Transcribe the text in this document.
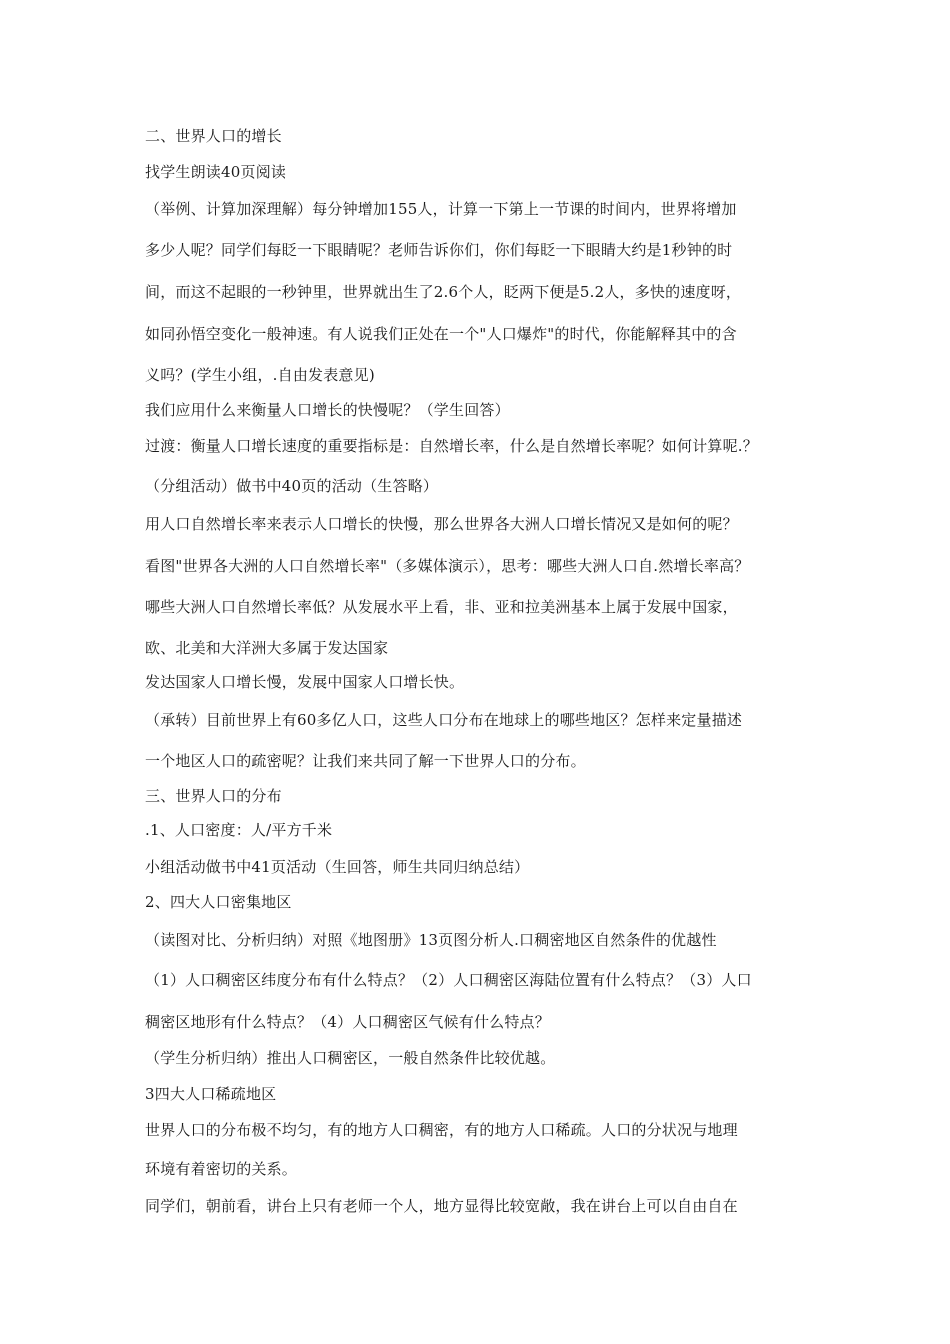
二、世界人口的增长
找学生朗读40页阅读
（举例、计算加深理解）每分钟增加155人，计算一下第上一节课的时间内，世界将增加
多少人呢？同学们每眨一下眼睛呢？老师告诉你们，你们每眨一下眼睛大约是1秒钟的时
间，而这不起眼的一秒钟里，世界就出生了2.6个人，眨两下便是5.2人，多快的速度呀，
如同孙悟空变化一般神速。有人说我们正处在一个"人口爆炸"的时代，你能解释其中的含
义吗？(学生小组，.自由发表意见)
我们应用什么来衡量人口增长的快慢呢？（学生回答）
过渡：衡量人口增长速度的重要指标是：自然增长率，什么是自然增长率呢？如何计算呢.？
（分组活动）做书中40页的活动（生答略）
用人口自然增长率来表示人口增长的快慢，那么世界各大洲人口增长情况又是如何的呢？
看图"世界各大洲的人口自然增长率"（多媒体演示），思考：哪些大洲人口自.然增长率高？
哪些大洲人口自然增长率低？从发展水平上看，非、亚和拉美洲基本上属于发展中国家，
欧、北美和大洋洲大多属于发达国家
发达国家人口增长慢，发展中国家人口增长快。
（承转）目前世界上有60多亿人口，这些人口分布在地球上的哪些地区？怎样来定量描述
一个地区人口的疏密呢？让我们来共同了解一下世界人口的分布。
三、世界人口的分布
.1、人口密度：人/平方千米
小组活动做书中41页活动（生回答，师生共同归纳总结）
2、四大人口密集地区
（读图对比、分析归纳）对照《地图册》13页图分析人.口稠密地区自然条件的优越性
（1）人口稠密区纬度分布有什么特点？（2）人口稠密区海陆位置有什么特点？（3）人口
稠密区地形有什么特点？（4）人口稠密区气候有什么特点？
（学生分析归纳）推出人口稠密区，一般自然条件比较优越。
3四大人口稀疏地区
世界人口的分布极不均匀，有的地方人口稠密，有的地方人口稀疏。人口的分状况与地理
环境有着密切的关系。
同学们，朝前看，讲台上只有老师一个人，地方显得比较宽敞，我在讲台上可以自由自在
